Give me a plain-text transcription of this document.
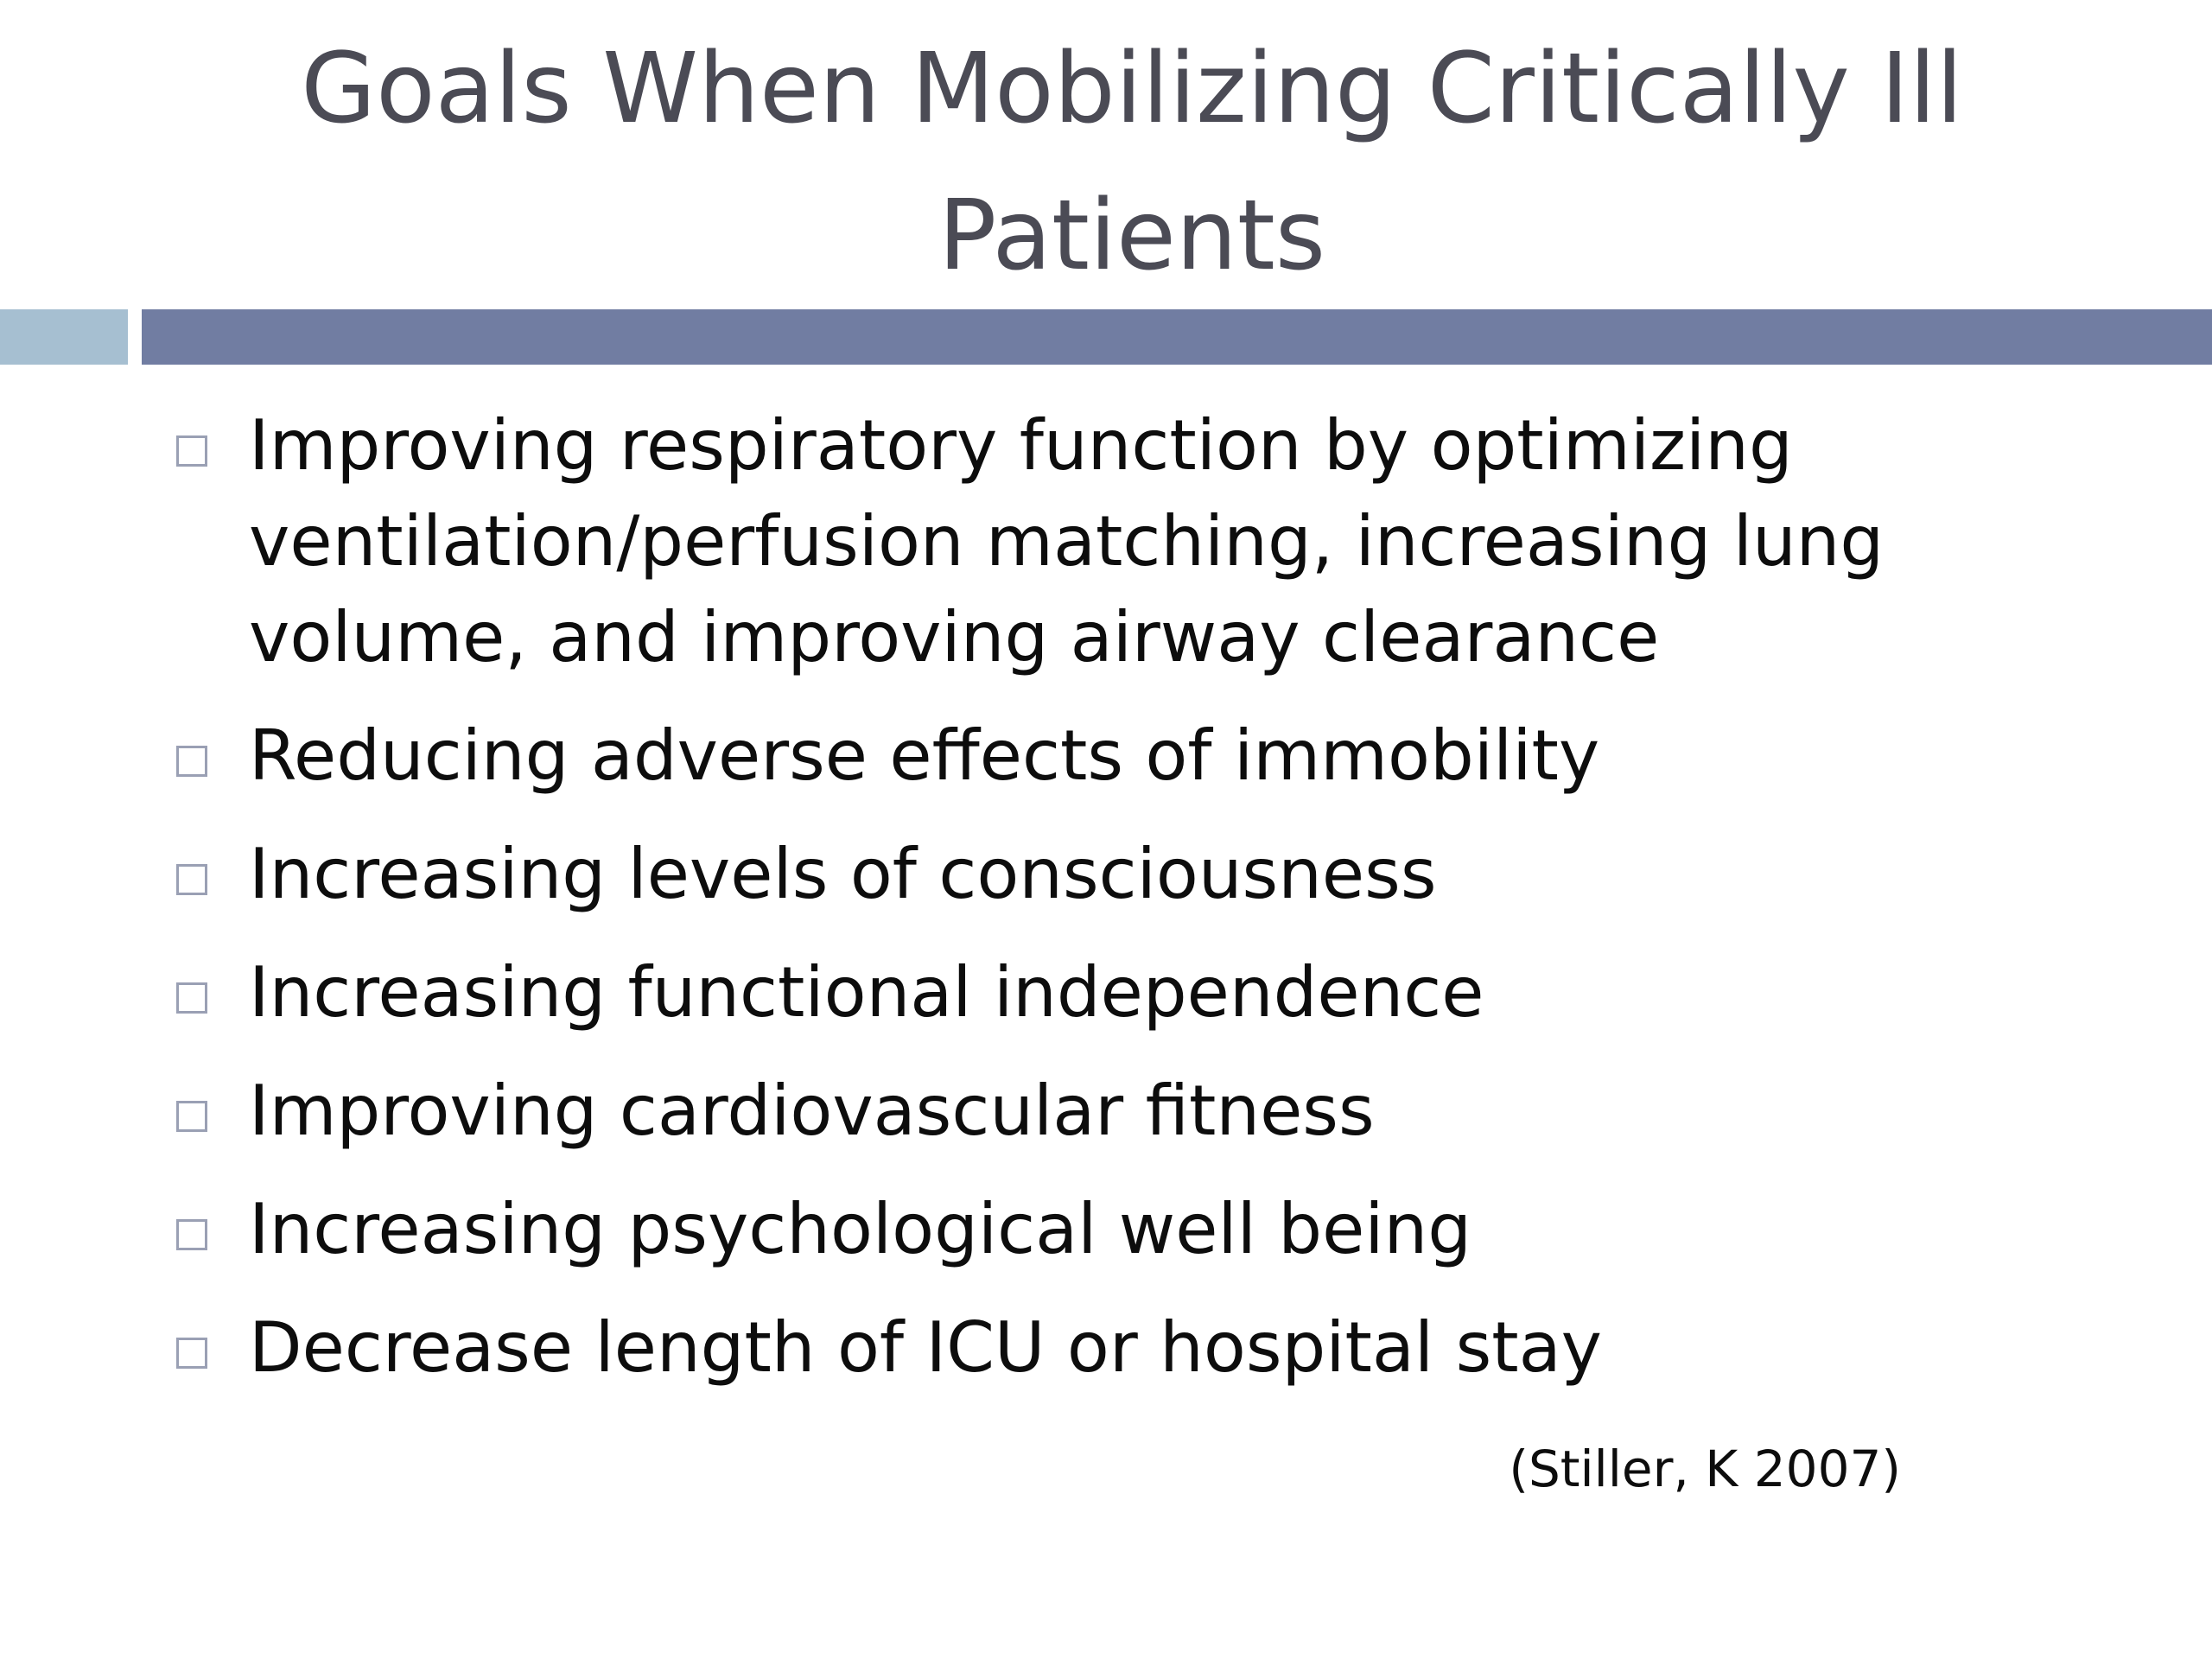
Goals When Mobilizing Critically Ill Patients
Improving respiratory function by optimizing ventilation/perfusion matching, increasing lung volume, and improving airway clearance
Reducing adverse effects of immobility
Increasing levels of consciousness
Increasing functional independence
Improving cardiovascular fitness
Increasing psychological well being
Decrease length of ICU or hospital stay
(Stiller, K 2007)
